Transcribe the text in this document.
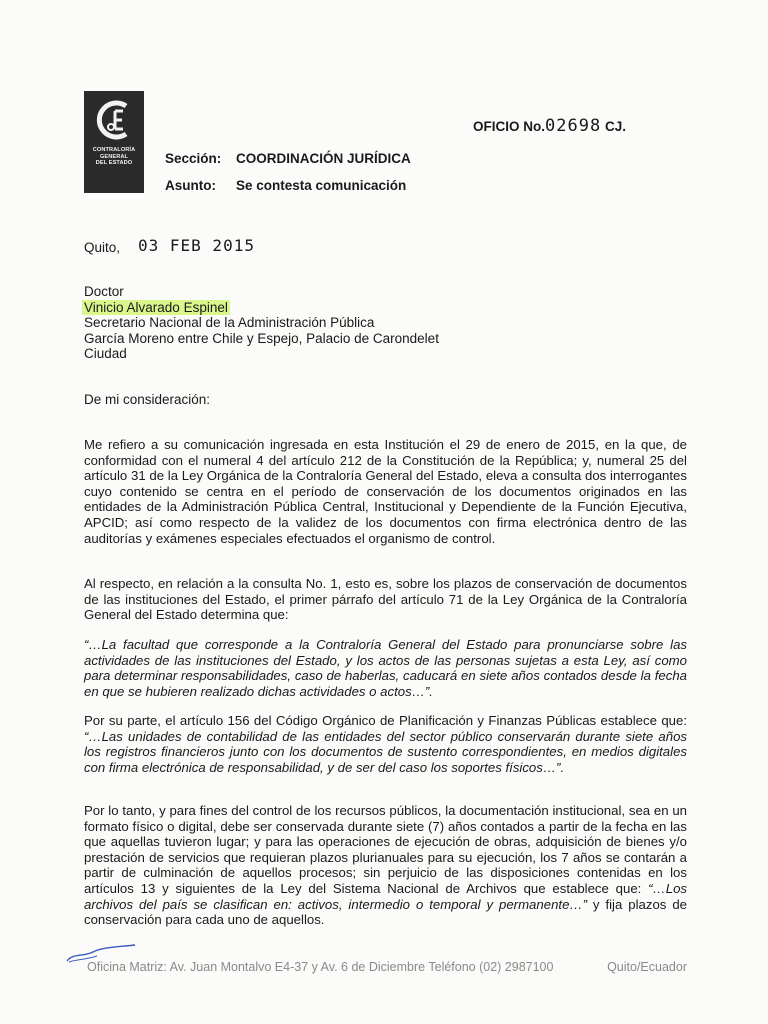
CONTRALORÍA
GENERAL
DEL ESTADO
OFICIO No.02698 CJ.
Sección: COORDINACIÓN JURÍDICA
Asunto: Se contesta comunicación
Quito, 03 FEB 2015
Doctor
Vinicio Alvarado Espinel
Secretario Nacional de la Administración Pública
García Moreno entre Chile y Espejo, Palacio de Carondelet
Ciudad
De mi consideración:

Me refiero a su comunicación ingresada en esta Institución el 29 de enero de 2015, en la que, de conformidad con el numeral 4 del artículo 212 de la Constitución de la República; y, numeral 25 del artículo 31 de la Ley Orgánica de la Contraloría General del Estado, eleva a consulta dos interrogantes cuyo contenido se centra en el período de conservación de los documentos originados en las entidades de la Administración Pública Central, Institucional y Dependiente de la Función Ejecutiva, APCID; así como respecto de la validez de los documentos con firma electrónica dentro de las auditorías y exámenes especiales efectuados el organismo de control.

Al respecto, en relación a la consulta No. 1, esto es, sobre los plazos de conservación de documentos de las instituciones del Estado, el primer párrafo del artículo 71 de la Ley Orgánica de la Contraloría General del Estado determina que:

“…La facultad que corresponde a la Contraloría General del Estado para pronunciarse sobre las actividades de las instituciones del Estado, y los actos de las personas sujetas a esta Ley, así como para determinar responsabilidades, caso de haberlas, caducará en siete años contados desde la fecha en que se hubieren realizado dichas actividades o actos…”.

Por su parte, el artículo 156 del Código Orgánico de Planificación y Finanzas Públicas establece que: “…Las unidades de contabilidad de las entidades del sector público conservarán durante siete años los registros financieros junto con los documentos de sustento correspondientes, en medios digitales con firma electrónica de responsabilidad, y de ser del caso los soportes físicos…”.

Por lo tanto, y para fines del control de los recursos públicos, la documentación institucional, sea en un formato físico o digital, debe ser conservada durante siete (7) años contados a partir de la fecha en las que aquellas tuvieron lugar; y para las operaciones de ejecución de obras, adquisición de bienes y/o prestación de servicios que requieran plazos plurianuales para su ejecución, los 7 años se contarán a partir de culminación de aquellos procesos; sin perjuicio de las disposiciones contenidas en los artículos 13 y siguientes de la Ley del Sistema Nacional de Archivos que establece que: “…Los archivos del país se clasifican en: activos, intermedio o temporal y permanente…” y fija plazos de conservación para cada uno de aquellos.

Oficina Matriz: Av. Juan Montalvo E4-37 y Av. 6 de Diciembre Teléfono (02) 2987100	Quito/Ecuador
